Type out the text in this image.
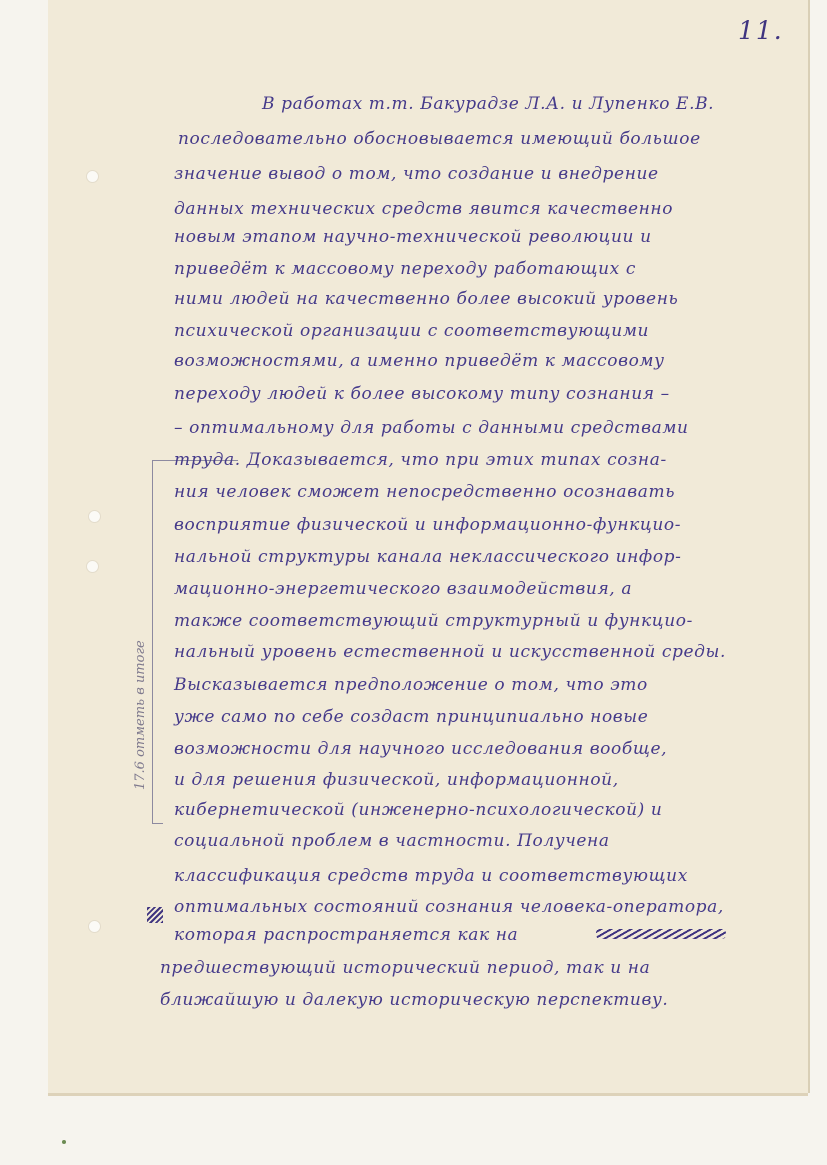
11.
17.6 отметь в итоге

В работах т.т. Бакурадзе Л.А. и Лупенко Е.В.

последовательно обосновывается имеющий большое

значение вывод о том, что создание и внедрение

данных технических средств явится качественно

новым этапом научно-технической революции и

приведёт к массовому переходу работающих с

ними людей на качественно более высокий уровень

психической организации с соответствующими

возможностями, а именно приведёт к массовому

переходу людей к более высокому типу сознания –

– оптимальному для работы с данными средствами

труда. Доказывается, что при этих типах созна-

ния человек сможет непосредственно осознавать

восприятие физической и информационно-функцио-

нальной структуры канала неклассического инфор-

мационно-энергетического взаимодействия, а

также соответствующий структурный и функцио-

нальный уровень естественной и искусственной среды.

Высказывается предположение о том, что это

уже само по себе создаст принципиально новые

возможности для научного исследования вообще,

и для решения физической, информационной,

кибернетической (инженерно-психологической) и

социальной проблем в частности. Получена

классификация средств труда и соответствующих

оптимальных состояний сознания человека-оператора,

которая распространяется как на

предшествующий исторический период, так и на

ближайшую и далекую историческую перспективу.
